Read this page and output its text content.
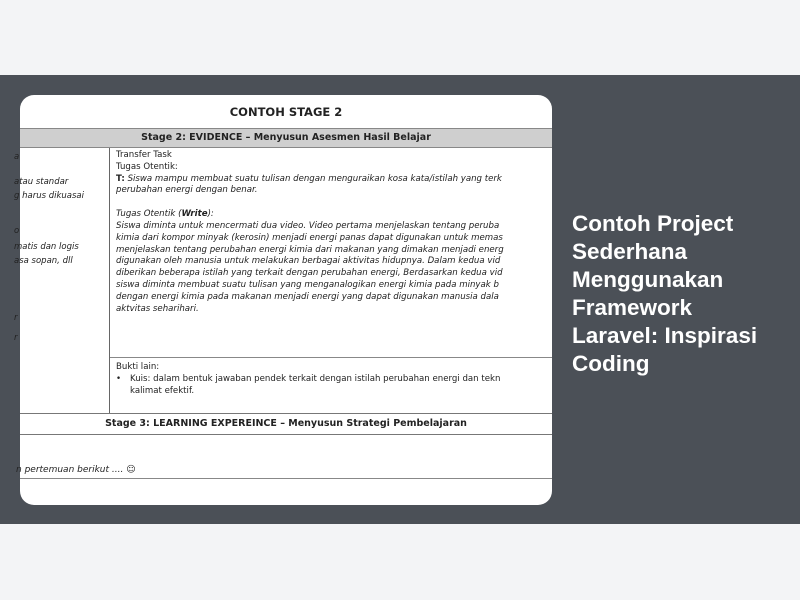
CONTOH STAGE 2
Stage 2: EVIDENCE – Menyusun Asesmen Hasil Belajar
a
atau standar
g harus dikuasai
o
matis dan logis
asa sopan, dll
r
r
Transfer Task
Tugas Otentik:
T: Siswa mampu membuat suatu tulisan dengan menguraikan kosa kata/istilah yang terk
perubahan energi dengan benar.
Tugas Otentik (Write):
Siswa diminta untuk mencermati dua video. Video pertama menjelaskan tentang peruba
kimia dari kompor minyak (kerosin) menjadi energi panas dapat digunakan untuk memas
menjelaskan tentang perubahan energi kimia dari makanan yang dimakan menjadi energ
digunakan oleh manusia untuk melakukan berbagai aktivitas hidupnya. Dalam kedua vid
diberikan beberapa istilah yang terkait dengan perubahan energi, Berdasarkan kedua vid
siswa diminta membuat suatu tulisan yang menganalogikan energi kimia pada minyak b
dengan energi kimia pada makanan menjadi energi yang dapat digunakan manusia dala
aktvitas seharihari.
Bukti lain:
• Kuis: dalam bentuk jawaban pendek terkait dengan istilah perubahan energi dan tekn
kalimat efektif.
Stage 3: LEARNING EXPEREINCE – Menyusun Strategi Pembelajaran
n pertemuan berikut .... ☺
Contoh Project Sederhana Menggunakan Framework Laravel: Inspirasi Coding
